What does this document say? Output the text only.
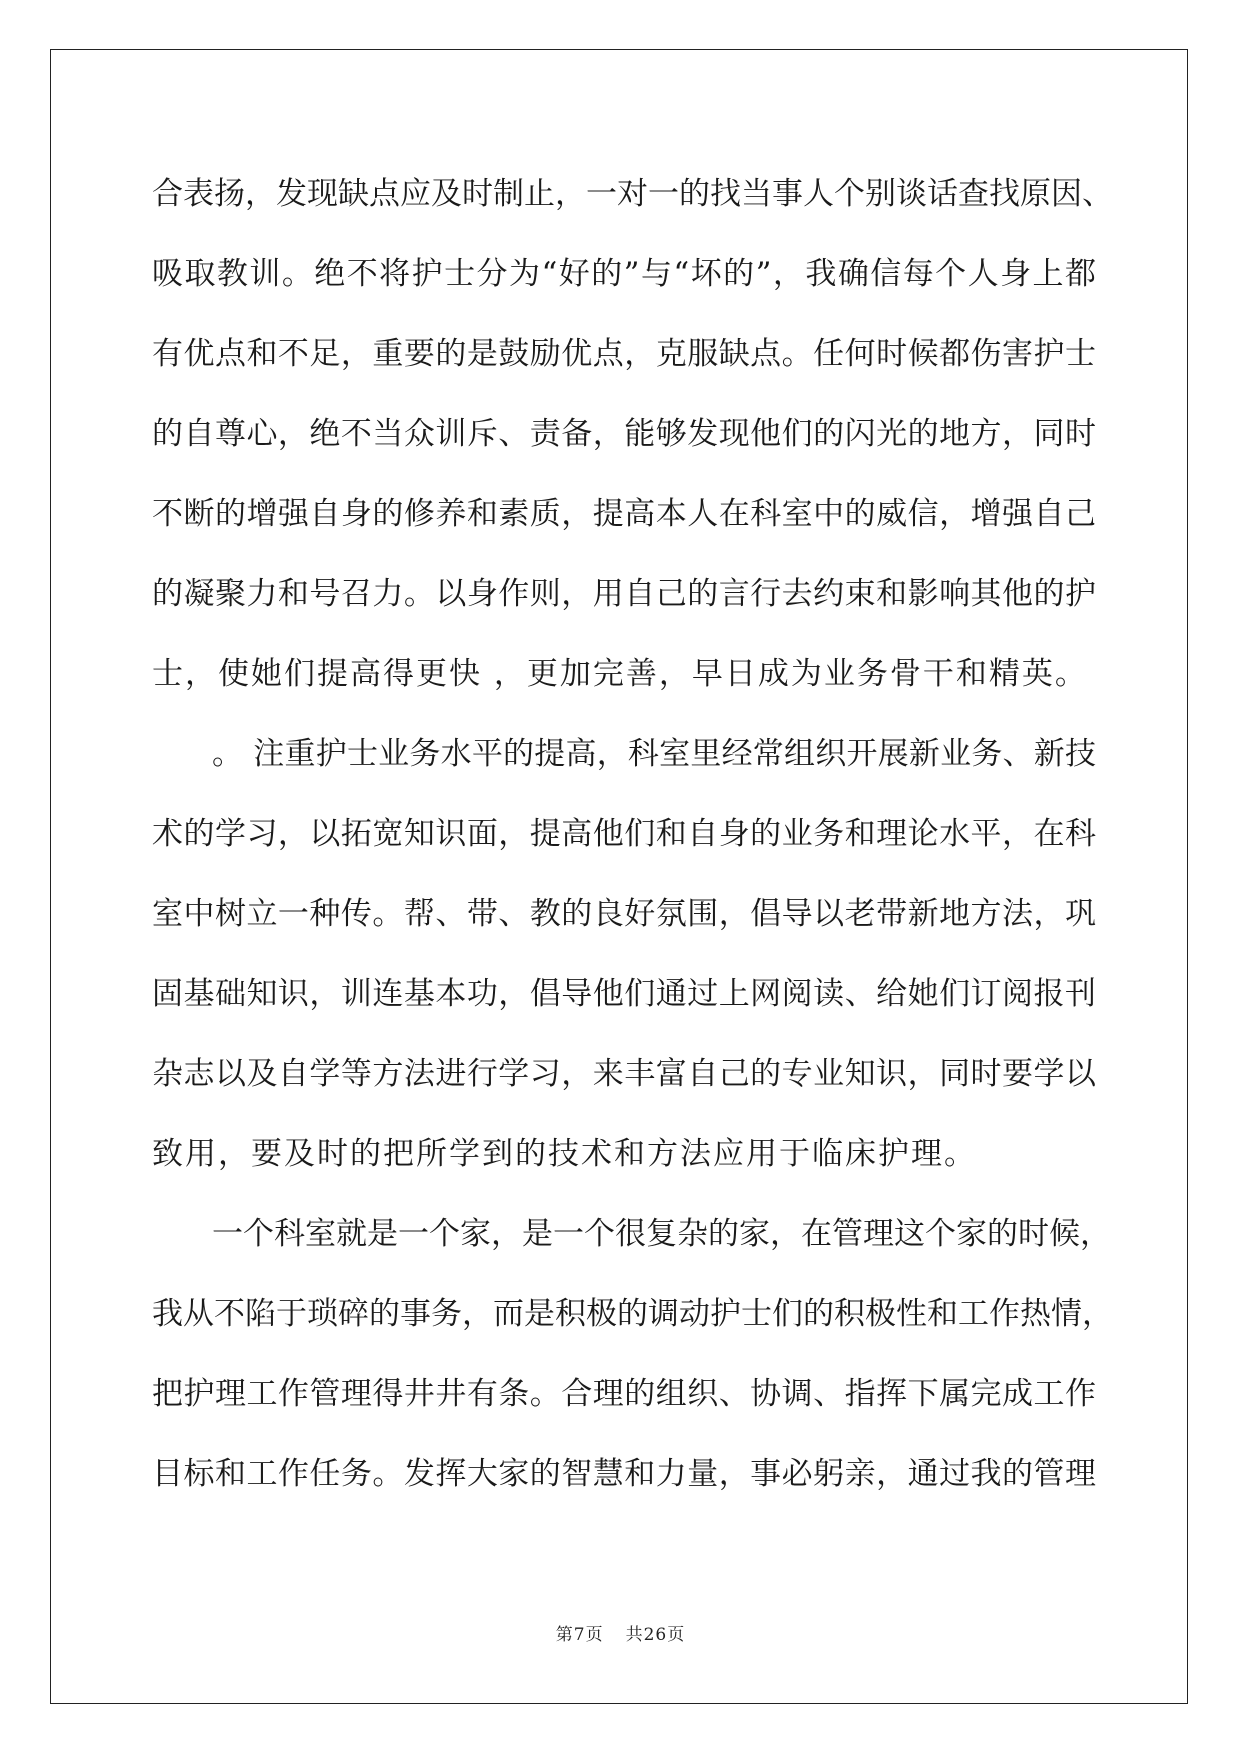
合表扬，发现缺点应及时制止，一对一的找当事人个别谈话查找原因、
吸取教训。绝不将护士分为“好的”与“坏的”，我确信每个人身上都
有优点和不足，重要的是鼓励优点，克服缺点。任何时候都伤害护士
的自尊心，绝不当众训斥、责备，能够发现他们的闪光的地方，同时
不断的增强自身的修养和素质，提高本人在科室中的威信，增强自己
的凝聚力和号召力。以身作则，用自己的言行去约束和影响其他的护
士，使她们提高得更快 ，更加完善，早日成为业务骨干和精英。
。 注重护士业务水平的提高，科室里经常组织开展新业务、新技
术的学习，以拓宽知识面，提高他们和自身的业务和理论水平，在科
室中树立一种传。帮、带、教的良好氛围，倡导以老带新地方法，巩
固基础知识，训连基本功，倡导他们通过上网阅读、给她们订阅报刊
杂志以及自学等方法进行学习，来丰富自己的专业知识，同时要学以
致用，要及时的把所学到的技术和方法应用于临床护理。
一个科室就是一个家，是一个很复杂的家，在管理这个家的时候，
我从不陷于琐碎的事务，而是积极的调动护士们的积极性和工作热情，
把护理工作管理得井井有条。合理的组织、协调、指挥下属完成工作
目标和工作任务。发挥大家的智慧和力量，事必躬亲，通过我的管理
第7页 共26页
